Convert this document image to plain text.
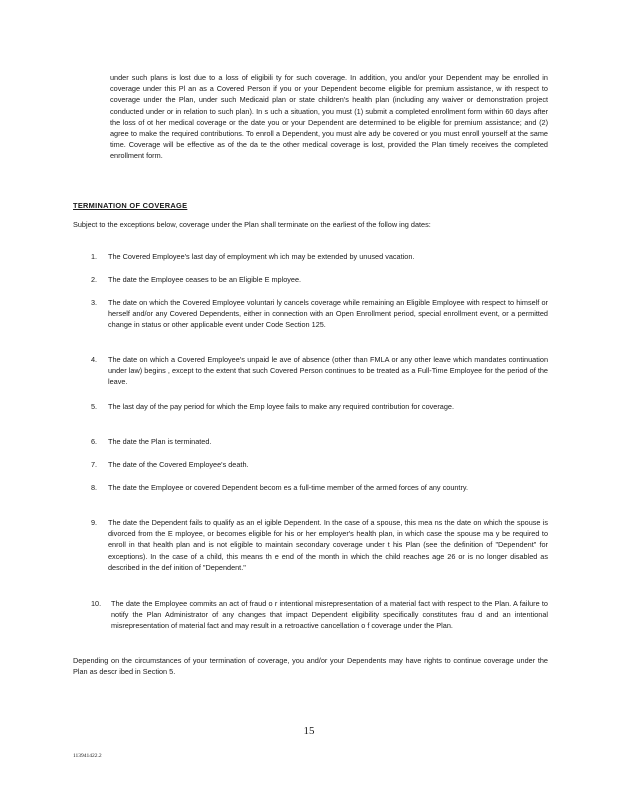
under such plans is lost due to a loss of eligibili ty for such coverage. In addition, you and/or your Dependent may be enrolled in coverage under this Pl an as a Covered Person if you or your Dependent become eligible for premium assistance, w ith respect to coverage under the Plan, under such Medicaid plan or state children's health plan (including any waiver or demonstration project conducted under or in relation to such plan). In s uch a situation, you must (1) submit a completed enrollment form within 60 days after the loss of ot her medical coverage or the date you or your Dependent are determined to be eligible for premium assistance; and (2) agree to make the required contributions. To enroll a Dependent, you must alre ady be covered or you must enroll yourself at the same time. Coverage will be effective as of the da te the other medical coverage is lost, provided the Plan timely receives the completed enrollment form.
TERMINATION OF COVERAGE
Subject to the exceptions below, coverage under the Plan shall terminate on the earliest of the follow ing dates:
1. The Covered Employee's last day of employment wh ich may be extended by unused vacation.
2. The date the Employee ceases to be an Eligible E mployee.
3. The date on which the Covered Employee voluntari ly cancels coverage while remaining an Eligible Employee with respect to himself or herself and/or any Covered Dependents, either in connection with an Open Enrollment period, special enrollment event, or a permitted change in status or other applicable event under Code Section 125.
4. The date on which a Covered Employee's unpaid le ave of absence (other than FMLA or any other leave which mandates continuation under law) begins , except to the extent that such Covered Person continues to be treated as a Full-Time Employee for the period of the leave.
5. The last day of the pay period for which the Emp loyee fails to make any required contribution for coverage.
6. The date the Plan is terminated.
7. The date of the Covered Employee's death.
8. The date the Employee or covered Dependent becom es a full-time member of the armed forces of any country.
9. The date the Dependent fails to qualify as an el igible Dependent. In the case of a spouse, this mea ns the date on which the spouse is divorced from the E mployee, or becomes eligible for his or her employer's health plan, in which case the spouse ma y be required to enroll in that health plan and is not eligible to maintain secondary coverage under t his Plan (see the definition of "Dependent" for exceptions). In the case of a child, this means th e end of the month in which the child reaches age 26 or is no longer disabled as described in the def inition of "Dependent."
10. The date the Employee commits an act of fraud o r intentional misrepresentation of a material fact with respect to the Plan. A failure to notify the Plan Administrator of any changes that impact Dependent eligibility specifically constitutes frau d and an intentional misrepresentation of material fact and may result in a retroactive cancellation o f coverage under the Plan.
Depending on the circumstances of your termination of coverage, you and/or your Dependents may have rights to continue coverage under the Plan as descr ibed in Section 5.
15
113941422.2
